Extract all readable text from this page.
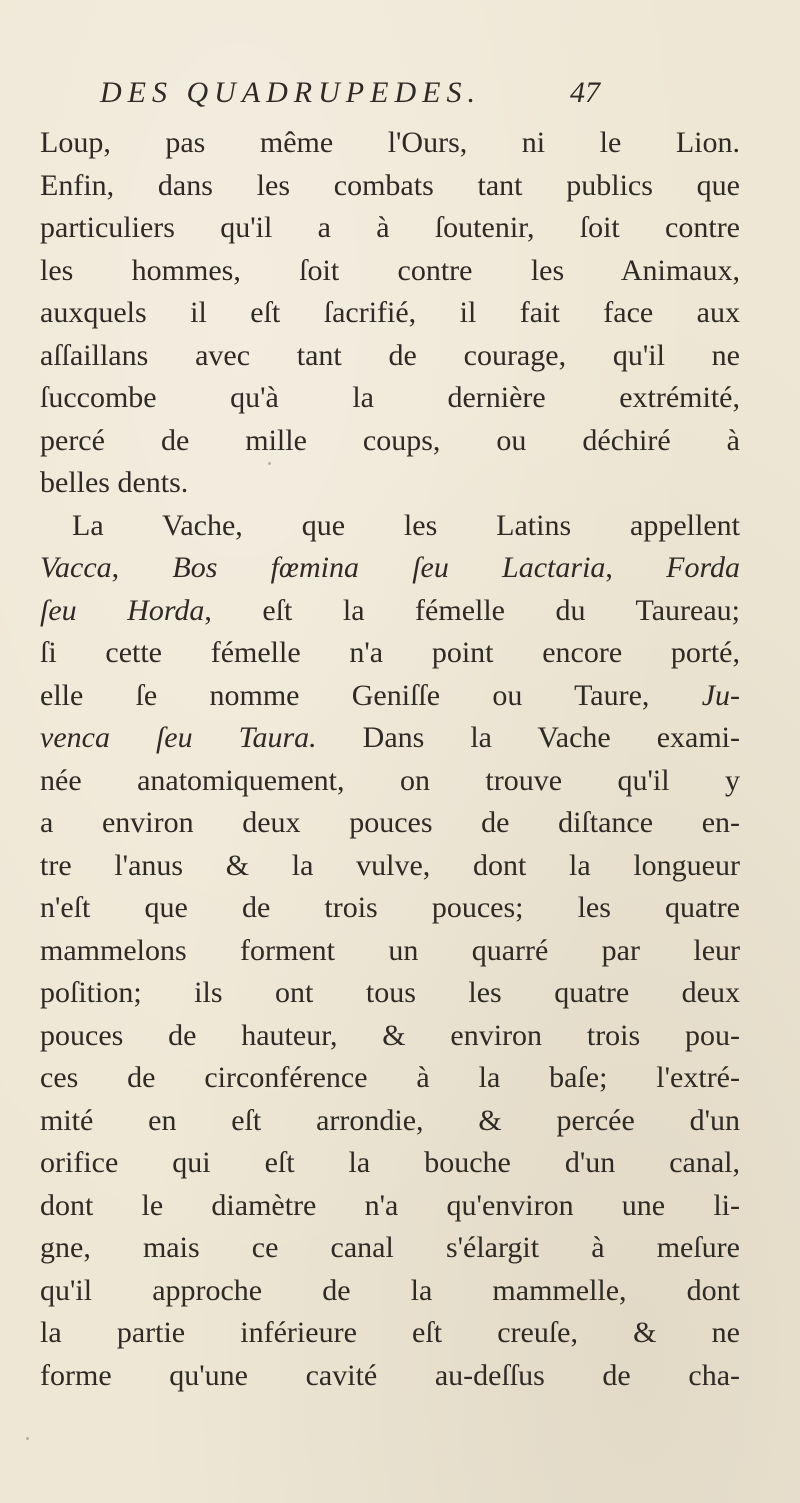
DES QUADRUPEDES.	47
Loup, pas même l'Ours, ni le Lion.
Enfin, dans les combats tant publics que
particuliers qu'il a à ſoutenir, ſoit contre
les hommes, ſoit contre les Animaux,
auxquels il eſt ſacrifié, il fait face aux
aſſaillans avec tant de courage, qu'il ne
ſuccombe qu'à la dernière extrémité,
percé de mille coups, ou déchiré à
belles dents.
La Vache, que les Latins appellent
Vacca, Bos fœmina ſeu Lactaria, Forda
ſeu Horda, eſt la fémelle du Taureau;
ſi cette fémelle n'a point encore porté,
elle ſe nomme Geniſſe ou Taure, Ju-
venca ſeu Taura. Dans la Vache exami-
née anatomiquement, on trouve qu'il y
a environ deux pouces de diſtance en-
tre l'anus & la vulve, dont la longueur
n'eſt que de trois pouces; les quatre
mammelons forment un quarré par leur
poſition; ils ont tous les quatre deux
pouces de hauteur, & environ trois pou-
ces de circonférence à la baſe; l'extré-
mité en eſt arrondie, & percée d'un
orifice qui eſt la bouche d'un canal,
dont le diamètre n'a qu'environ une li-
gne, mais ce canal s'élargit à meſure
qu'il approche de la mammelle, dont
la partie inférieure eſt creuſe, & ne
forme qu'une cavité au-deſſus de cha-
